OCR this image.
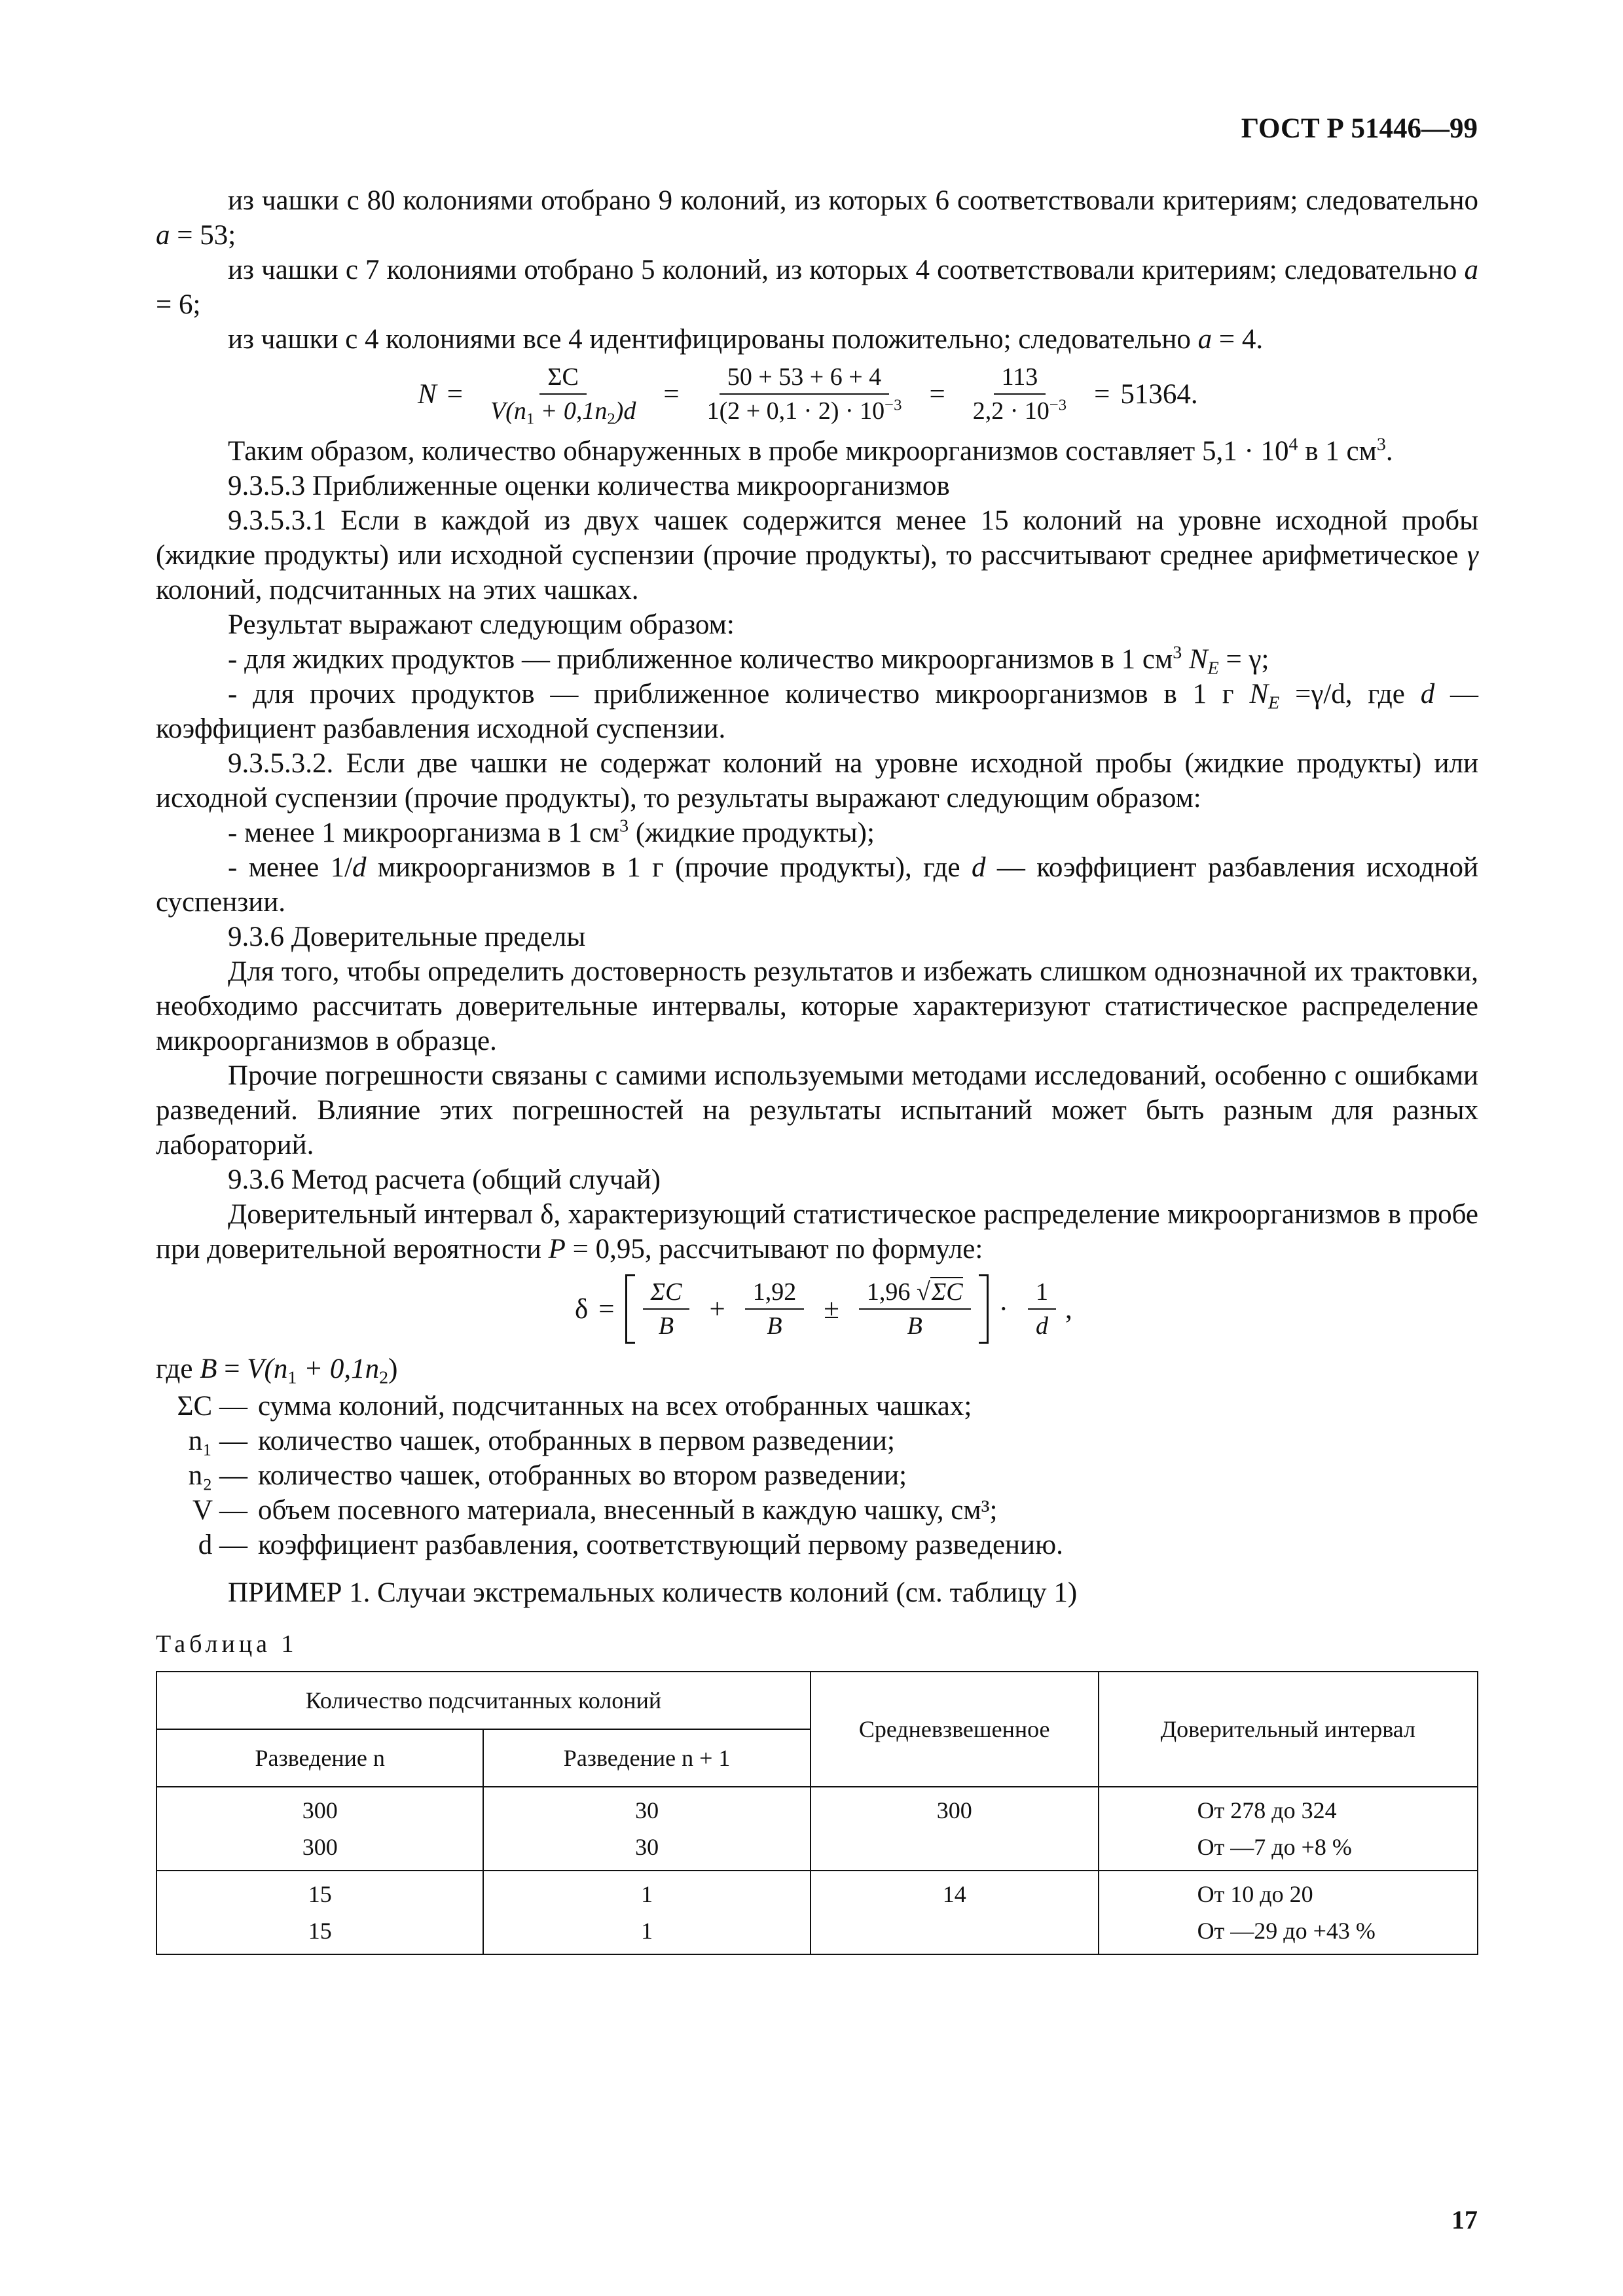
ГОСТ Р 51446—99

из чашки с 80 колониями отобрано 9 колоний, из которых 6 соответствовали критериям; следовательно a = 53;

из чашки с 7 колониями отобрано 5 колоний, из которых 4 соответствовали критериям; следовательно a = 6;

из чашки с 4 колониями все 4 идентифицированы положительно; следовательно a = 4.

$N = \frac{\Sigma C}{V(n_1 + 0,1n_2)d} = \frac{50 + 53 + 6 + 4}{1(2 + 0,1 \cdot 2) \cdot 10^{-3}} = \frac{113}{2,2 \cdot 10^{-3}} = 51364$.

Таким образом, количество обнаруженных в пробе микроорганизмов составляет $5,1 \cdot 10^4$ в 1 $см^3$.

9.3.5.3 Приближенные оценки количества микроорганизмов

9.3.5.3.1 Если в каждой из двух чашек содержится менее 15 колоний на уровне исходной пробы (жидкие продукты) или исходной суспензии (прочие продукты), то рассчитывают среднее арифметическое γ колоний, подсчитанных на этих чашках.

Результат выражают следующим образом:

- для жидких продуктов — приближенное количество микроорганизмов в 1 $см^3$ $N_E = \gamma$;

- для прочих продуктов — приближенное количество микроорганизмов в 1 г $N_E =\gamma/d$, где d — коэффициент разбавления исходной суспензии.

9.3.5.3.2. Если две чашки не содержат колоний на уровне исходной пробы (жидкие продукты) или исходной суспензии (прочие продукты), то результаты выражают следующим образом:

- менее 1 микроорганизма в 1 $см^3$ (жидкие продукты);

- менее 1/d микроорганизмов в 1 г (прочие продукты), где d — коэффициент разбавления исходной суспензии.

9.3.6 Доверительные пределы

Для того, чтобы определить достоверность результатов и избежать слишком однозначной их трактовки, необходимо рассчитать доверительные интервалы, которые характеризуют статистическое распределение микроорганизмов в образце.

Прочие погрешности связаны с самими используемыми методами исследований, особенно с ошибками разведений. Влияние этих погрешностей на результаты испытаний может быть разным для разных лабораторий.

9.3.6 Метод расчета (общий случай)

Доверительный интервал δ, характеризующий статистическое распределение микроорганизмов в пробе при доверительной вероятности P = 0,95, рассчитывают по формуле:

$\delta = \frac{\Sigma C}{B} + \frac{1,92}{B} \pm \frac{1,96 √\Sigma C}{B} \cdot \frac{1}{d}$ ,
где $B = V(n_1 + 0,1n_2)$
ΣC — сумма колоний, подсчитанных на всех отобранных чашках;
n₁ — количество чашек, отобранных в первом разведении;
n₂ — количество чашек, отобранных во втором разведении;
V — объем посевного материала, внесенный в каждую чашку, см³;
d — коэффициент разбавления, соответствующий первому разведению.

ПРИМЕР 1. Случаи экстремальных количеств колоний (см. таблицу 1)

Таблица 1
Количество подсчитанных колоний		Средневзвешенное	Доверительный интервал
Разведение n	Разведение n + 1		
300	30	300	От 278 до 324
300	30		От —7 до +8 %
15	1	14	От 10 до 20
15	1		От —29 до +43 %
17
